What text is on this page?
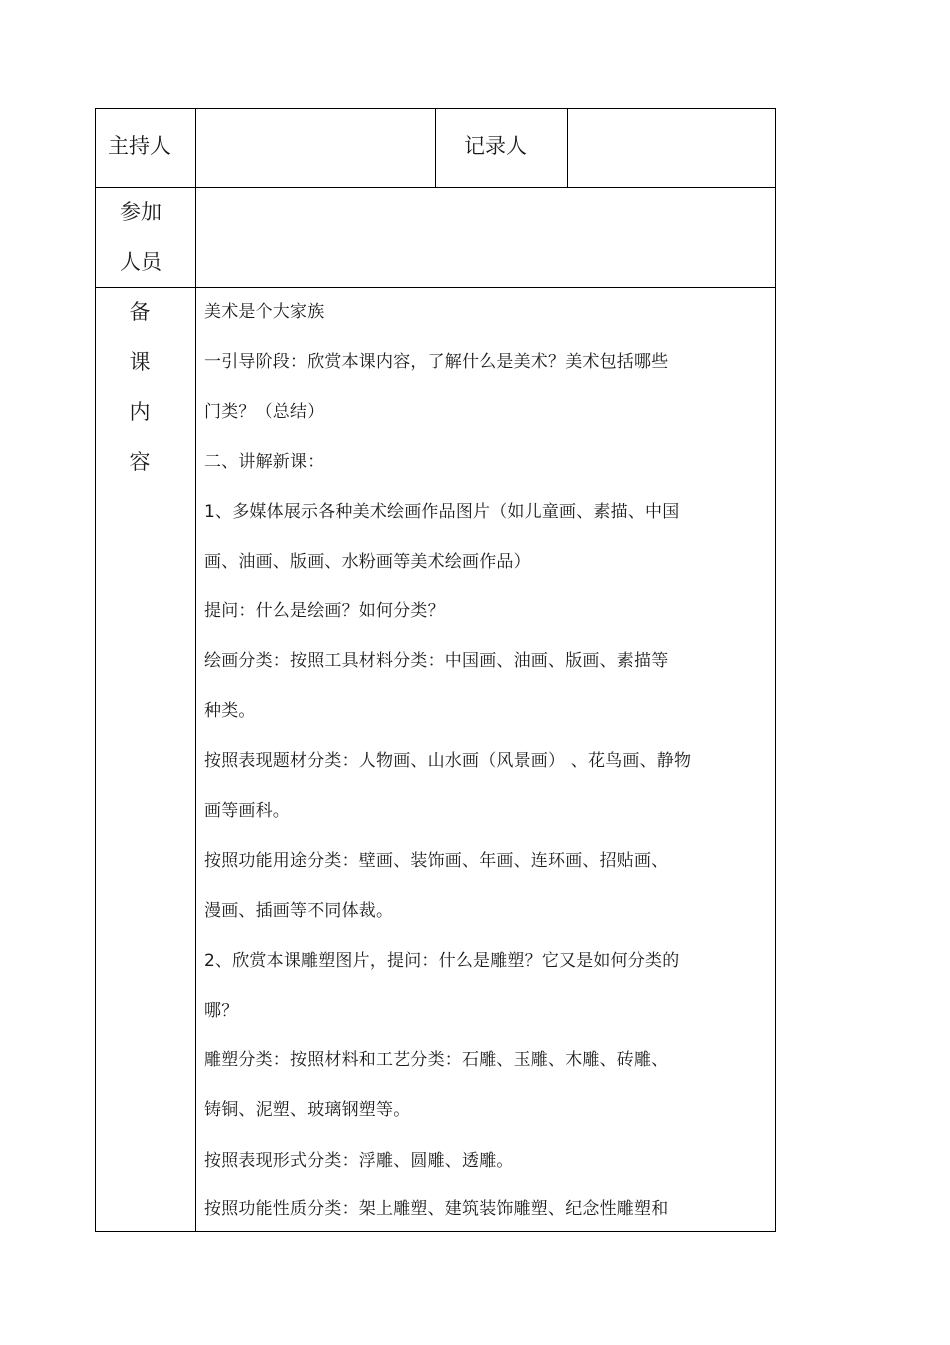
主持人	记录人
参加
人员
备
课
内
容
美术是个大家族
一引导阶段：欣赏本课内容，了解什么是美术？美术包括哪些
门类？（总结）
二、讲解新课：
1、多媒体展示各种美术绘画作品图片（如儿童画、素描、中国
画、油画、版画、水粉画等美术绘画作品）
提问：什么是绘画？如何分类？
绘画分类：按照工具材料分类：中国画、油画、版画、素描等
种类。
按照表现题材分类：人物画、山水画（风景画） 、花鸟画、静物
画等画科。
按照功能用途分类：壁画、装饰画、年画、连环画、招贴画、
漫画、插画等不同体裁。
2、欣赏本课雕塑图片，提问：什么是雕塑？它又是如何分类的
哪？
雕塑分类：按照材料和工艺分类：石雕、玉雕、木雕、砖雕、
铸铜、泥塑、玻璃钢塑等。
按照表现形式分类：浮雕、圆雕、透雕。
按照功能性质分类：架上雕塑、建筑装饰雕塑、纪念性雕塑和
